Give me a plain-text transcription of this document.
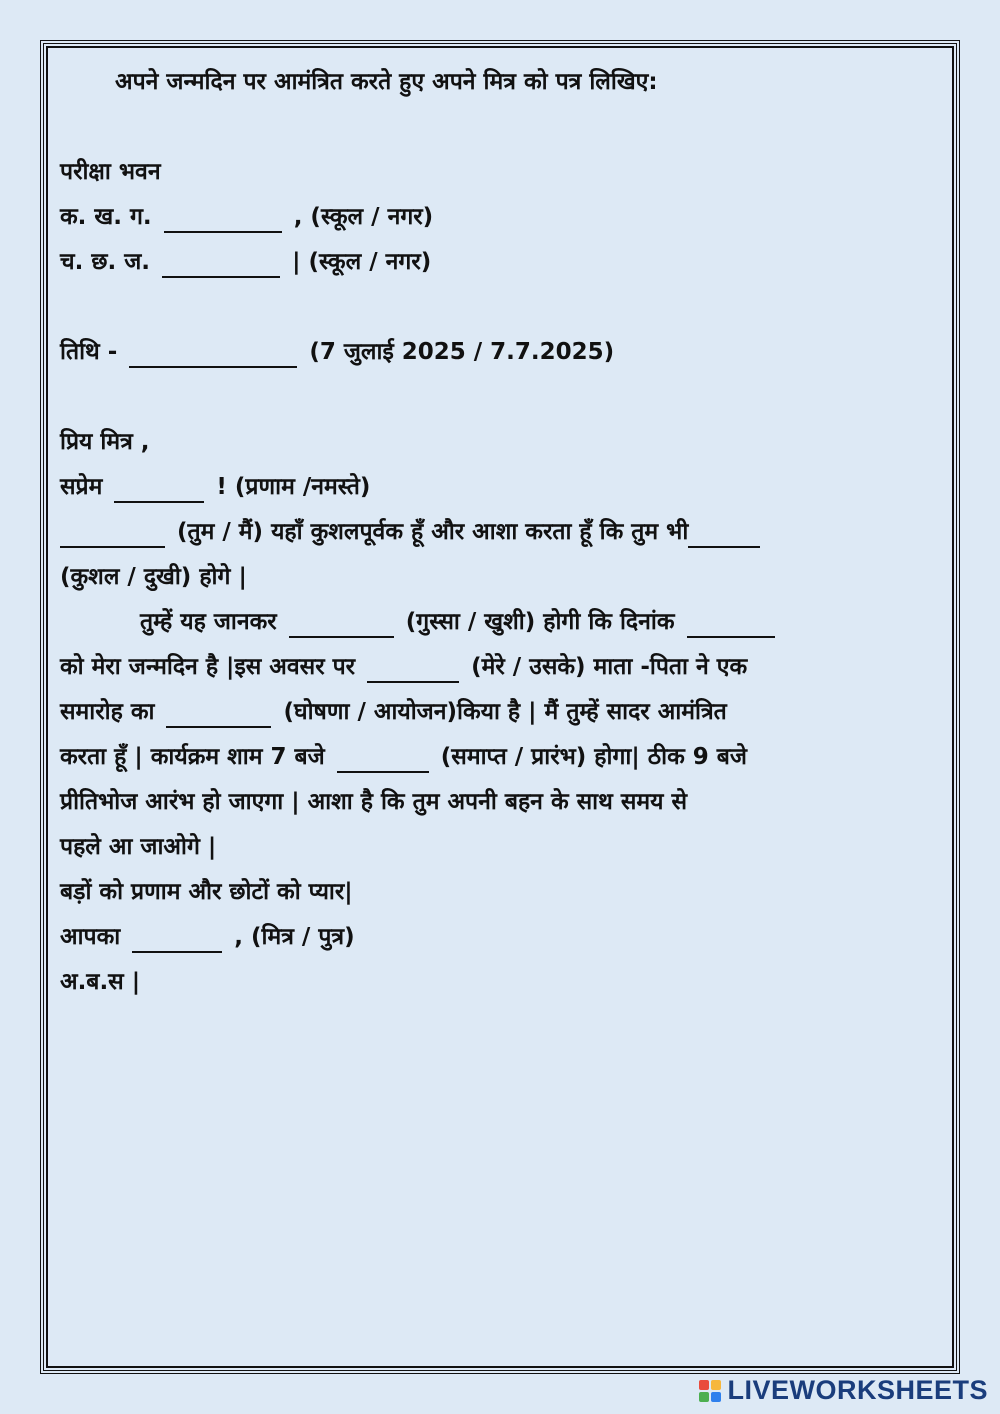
अपने जन्मदिन पर आमंत्रित करते हुए अपने मित्र को पत्र लिखिए:
परीक्षा भवन
क. ख. ग.	, (स्कूल / नगर)
च. छ. ज.	| (स्कूल / नगर)
तिथि -	(7 जुलाई 2025 / 7.7.2025)
प्रिय मित्र ,
सप्रेम	! (प्रणाम /नमस्ते)
(तुम / मैं) यहाँ कुशलपूर्वक हूँ और आशा करता हूँ कि तुम भी
(कुशल / दुखी) होगे |
तुम्हें यह जानकर	(गुस्सा / खुशी) होगी कि दिनांक
को मेरा जन्मदिन है |इस अवसर पर	(मेरे / उसके) माता -पिता ने एक
समारोह का	(घोषणा / आयोजन)किया है | मैं तुम्हें सादर आमंत्रित
करता हूँ | कार्यक्रम शाम 7 बजे	(समाप्त / प्रारंभ) होगा| ठीक 9 बजे
प्रीतिभोज आरंभ हो जाएगा | आशा है कि तुम अपनी बहन के साथ समय से
पहले आ जाओगे |
बड़ों को प्रणाम और छोटों को प्यार|
आपका	, (मित्र / पुत्र)
अ.ब.स |
LIVEWORKSHEETS
